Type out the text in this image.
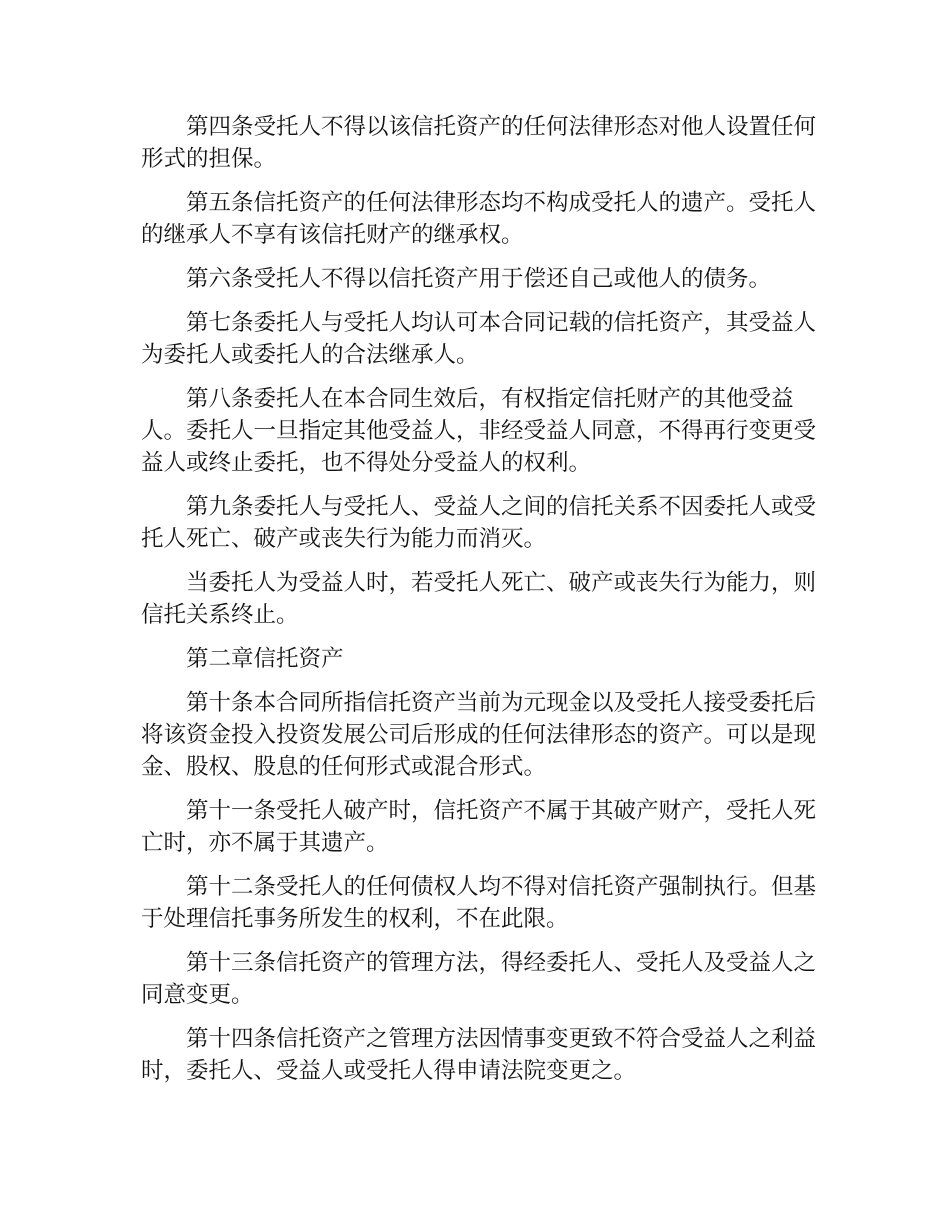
第四条受托人不得以该信托资产的任何法律形态对他人设置任何形式的担保。

第五条信托资产的任何法律形态均不构成受托人的遗产。受托人的继承人不享有该信托财产的继承权。

第六条受托人不得以信托资产用于偿还自己或他人的债务。

第七条委托人与受托人均认可本合同记载的信托资产，其受益人为委托人或委托人的合法继承人。

第八条委托人在本合同生效后，有权指定信托财产的其他受益人。委托人一旦指定其他受益人，非经受益人同意，不得再行变更受益人或终止委托，也不得处分受益人的权利。

第九条委托人与受托人、受益人之间的信托关系不因委托人或受托人死亡、破产或丧失行为能力而消灭。

当委托人为受益人时，若受托人死亡、破产或丧失行为能力，则信托关系终止。

第二章信托资产

第十条本合同所指信托资产当前为元现金以及受托人接受委托后将该资金投入投资发展公司后形成的任何法律形态的资产。可以是现金、股权、股息的任何形式或混合形式。

第十一条受托人破产时，信托资产不属于其破产财产，受托人死亡时，亦不属于其遗产。

第十二条受托人的任何债权人均不得对信托资产强制执行。但基于处理信托事务所发生的权利，不在此限。

第十三条信托资产的管理方法，得经委托人、受托人及受益人之同意变更。

第十四条信托资产之管理方法因情事变更致不符合受益人之利益时，委托人、受益人或受托人得申请法院变更之。
